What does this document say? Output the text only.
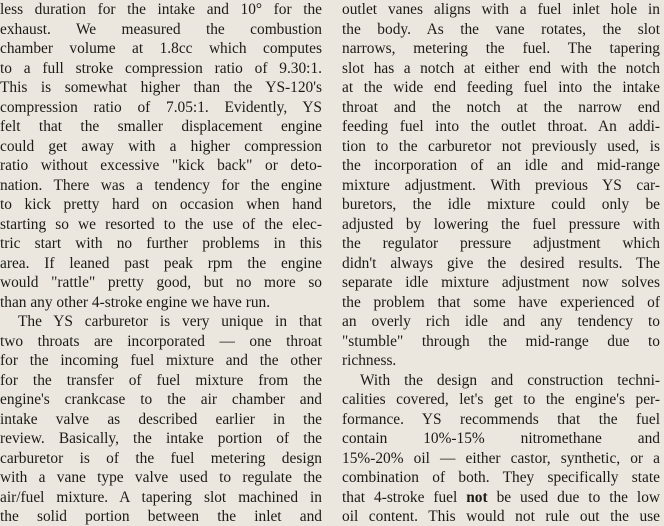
less duration for the intake and 10° for the
exhaust. We measured the combustion
chamber volume at 1.8cc which computes
to a full stroke compression ratio of 9.30:1.
This is somewhat higher than the YS-120's
compression ratio of 7.05:1. Evidently, YS
felt that the smaller displacement engine
could get away with a higher compression
ratio without excessive "kick back" or deto-
nation. There was a tendency for the engine
to kick pretty hard on occasion when hand
starting so we resorted to the use of the elec-
tric start with no further problems in this
area. If leaned past peak rpm the engine
would "rattle" pretty good, but no more so
than any other 4-stroke engine we have run.
The YS carburetor is very unique in that
two throats are incorporated — one throat
for the incoming fuel mixture and the other
for the transfer of fuel mixture from the
engine's crankcase to the air chamber and
intake valve as described earlier in the
review. Basically, the intake portion of the
carburetor is of the fuel metering design
with a vane type valve used to regulate the
air/fuel mixture. A tapering slot machined in
the solid portion between the inlet and
outlet vanes aligns with a fuel inlet hole in
the body. As the vane rotates, the slot
narrows, metering the fuel. The tapering
slot has a notch at either end with the notch
at the wide end feeding fuel into the intake
throat and the notch at the narrow end
feeding fuel into the outlet throat. An addi-
tion to the carburetor not previously used, is
the incorporation of an idle and mid-range
mixture adjustment. With previous YS car-
buretors, the idle mixture could only be
adjusted by lowering the fuel pressure with
the regulator pressure adjustment which
didn't always give the desired results. The
separate idle mixture adjustment now solves
the problem that some have experienced of
an overly rich idle and any tendency to
"stumble" through the mid-range due to
richness.
With the design and construction techni-
calities covered, let's get to the engine's per-
formance. YS recommends that the fuel
contain 10%-15% nitromethane and
15%-20% oil — either castor, synthetic, or a
combination of both. They specifically state
that 4-stroke fuel not be used due to the low
oil content. This would not rule out the use
